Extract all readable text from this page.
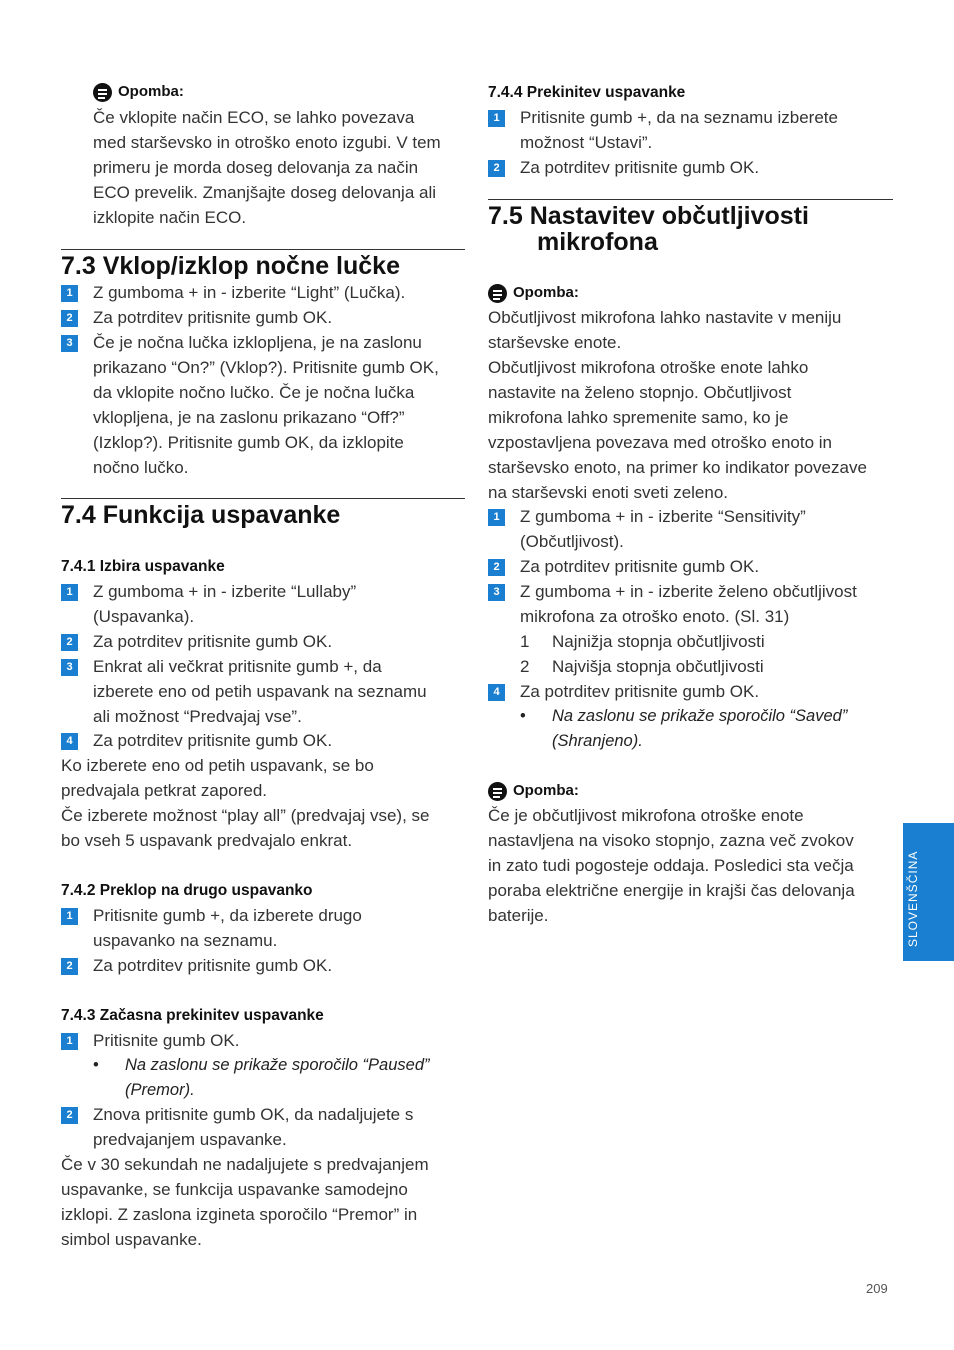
Opomba:
Če vklopite način ECO, se lahko povezava
med starševsko in otroško enoto izgubi. V tem
primeru je morda doseg delovanja za način
ECO prevelik. Zmanjšajte doseg delovanja ali
izklopite način ECO.
7.3 Vklop/izklop nočne lučke
1	Z gumboma + in - izberite “Light” (Lučka).
2	Za potrditev pritisnite gumb OK.
3	Če je nočna lučka izklopljena, je na zaslonu
prikazano “On?” (Vklop?). Pritisnite gumb OK,
da vklopite nočno lučko. Če je nočna lučka
vklopljena, je na zaslonu prikazano “Off?”
(Izklop?). Pritisnite gumb OK, da izklopite
nočno lučko.
7.4 Funkcija uspavanke
7.4.1 Izbira uspavanke
1	Z gumboma + in - izberite “Lullaby”
(Uspavanka).
2	Za potrditev pritisnite gumb OK.
3	Enkrat ali večkrat pritisnite gumb +, da
izberete eno od petih uspavank na seznamu
ali možnost “Predvajaj vse”.
4	Za potrditev pritisnite gumb OK.
Ko izberete eno od petih uspavank, se bo
predvajala petkrat zapored.
Če izberete možnost “play all” (predvajaj vse), se
bo vseh 5 uspavank predvajalo enkrat.
7.4.2 Preklop na drugo uspavanko
1	Pritisnite gumb +, da izberete drugo
uspavanko na seznamu.
2	Za potrditev pritisnite gumb OK.
7.4.3 Začasna prekinitev uspavanke
1	Pritisnite gumb OK.
• Na zaslonu se prikaže sporočilo “Paused”
(Premor).
2	Znova pritisnite gumb OK, da nadaljujete s
predvajanjem uspavanke.
Če v 30 sekundah ne nadaljujete s predvajanjem
uspavanke, se funkcija uspavanke samodejno
izklopi. Z zaslona izgineta sporočilo “Premor” in
simbol uspavanke.
7.4.4 Prekinitev uspavanke
1	Pritisnite gumb +, da na seznamu izberete
možnost “Ustavi”.
2	Za potrditev pritisnite gumb OK.
7.5 Nastavitev občutljivosti
mikrofona
Opomba:
Občutljivost mikrofona lahko nastavite v meniju
starševske enote.
Občutljivost mikrofona otroške enote lahko
nastavite na želeno stopnjo. Občutljivost
mikrofona lahko spremenite samo, ko je
vzpostavljena povezava med otroško enoto in
starševsko enoto, na primer ko indikator povezave
na starševski enoti sveti zeleno.
1	Z gumboma + in - izberite “Sensitivity”
(Občutljivost).
2	Za potrditev pritisnite gumb OK.
3	Z gumboma + in - izberite želeno občutljivost
mikrofona za otroško enoto. (Sl. 31)
1 Najnižja stopnja občutljivosti
2 Najvišja stopnja občutljivosti
4	Za potrditev pritisnite gumb OK.
• Na zaslonu se prikaže sporočilo “Saved”
(Shranjeno).
Opomba:
Če je občutljivost mikrofona otroške enote
nastavljena na visoko stopnjo, zazna več zvokov
in zato tudi pogosteje oddaja. Posledici sta večja
poraba električne energije in krajši čas delovanja
baterije.	SLOVENŠČINA
209
